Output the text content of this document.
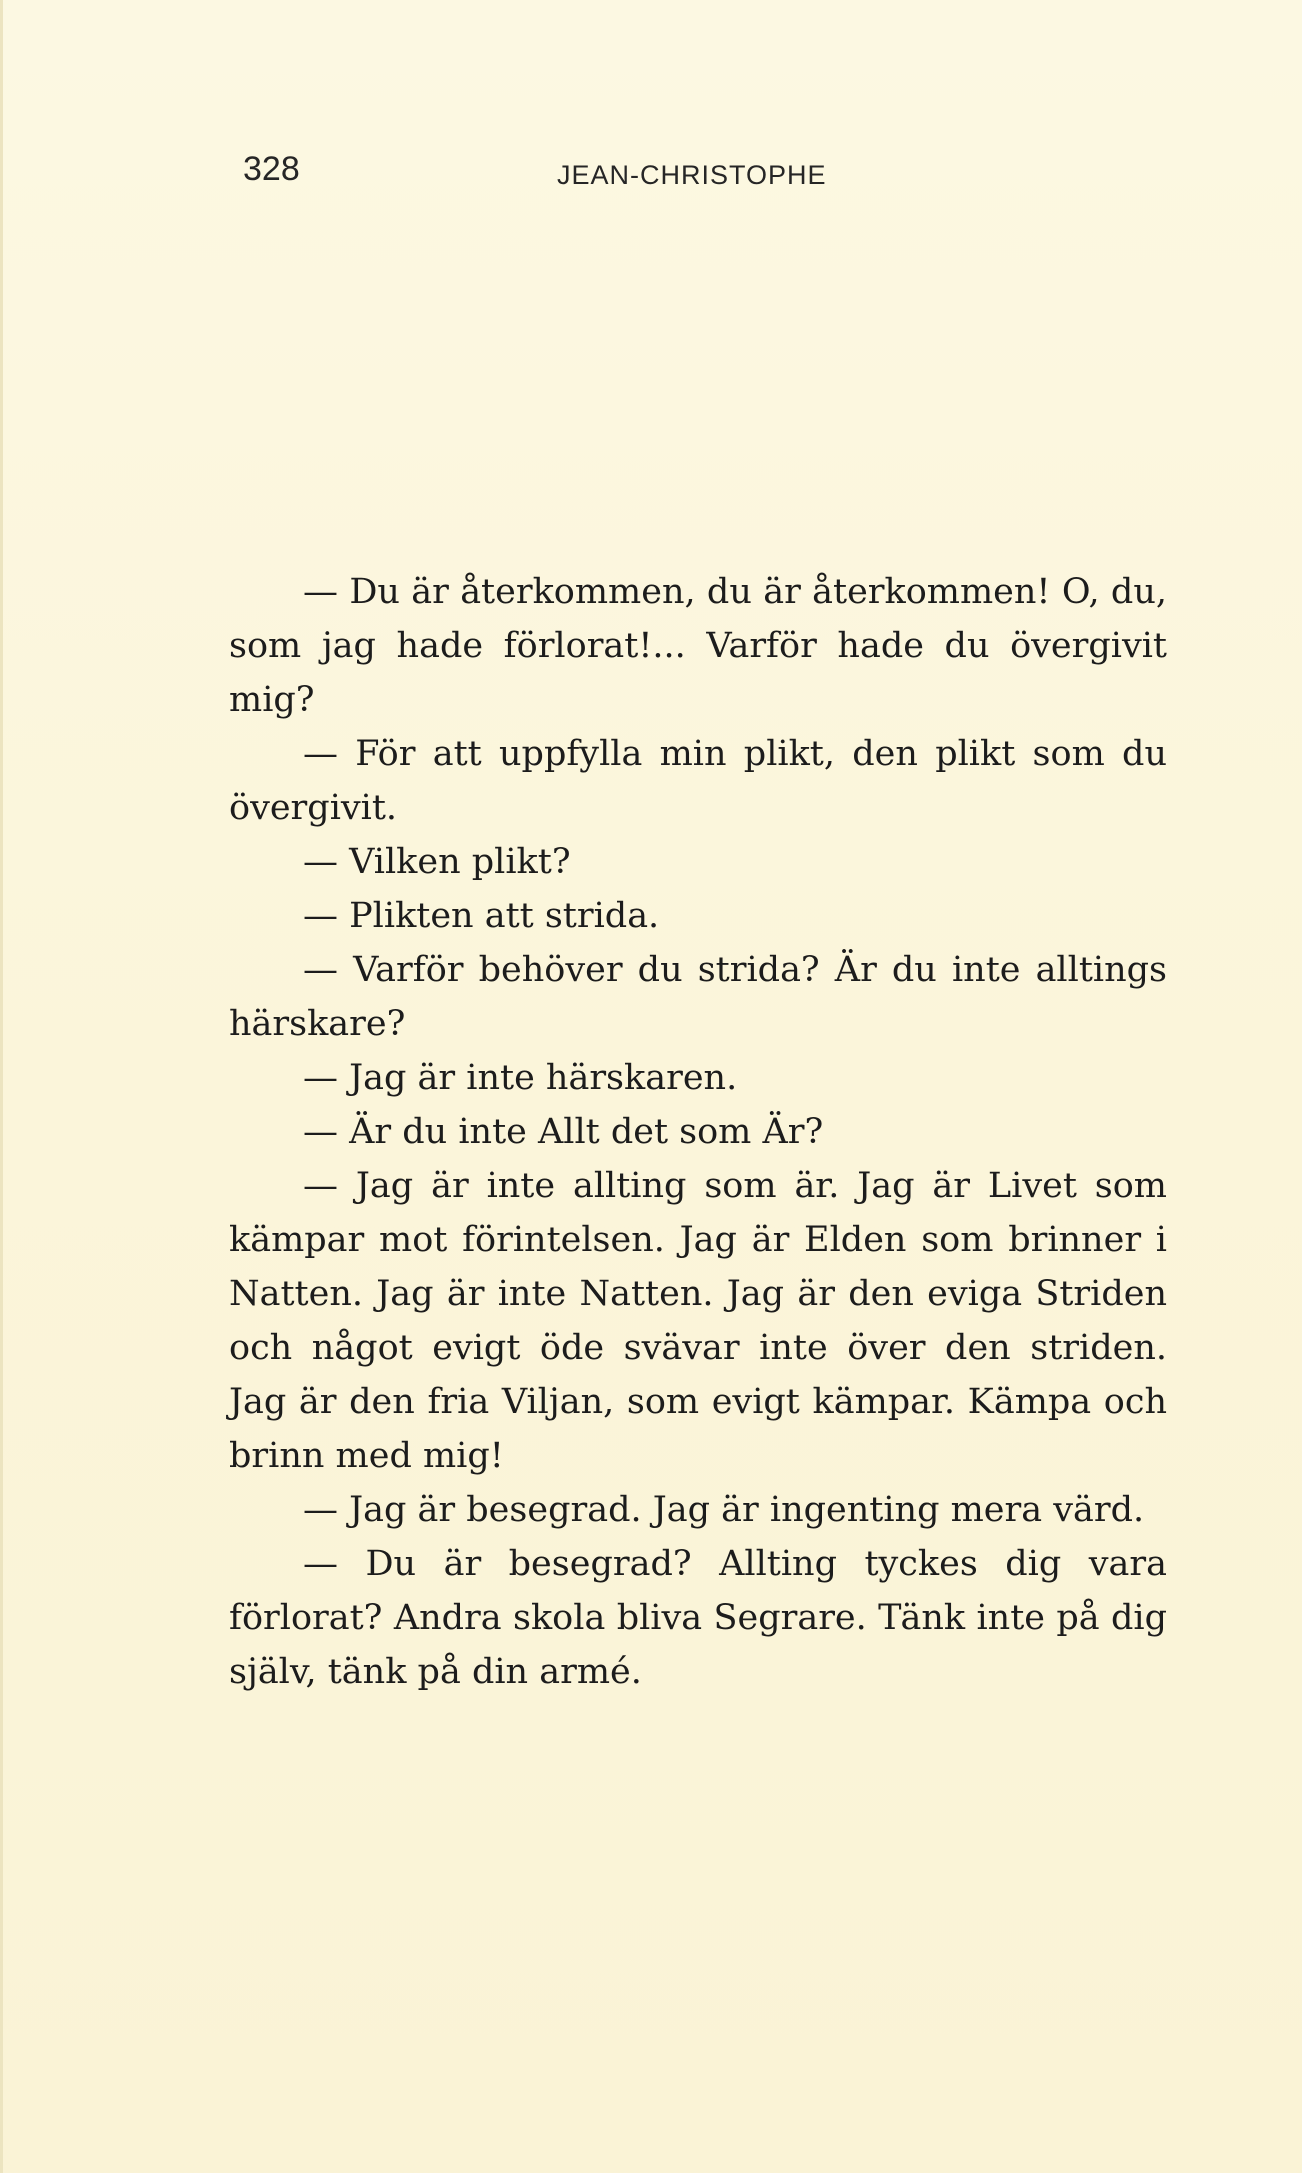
328	JEAN-CHRISTOPHE

— Du är återkommen, du är återkommen! O, du, som jag hade förlorat!... Varför hade du övergivit mig?

— För att uppfylla min plikt, den plikt som du övergivit.

— Vilken plikt?

— Plikten att strida.

— Varför behöver du strida? Är du inte alltings härskare?

— Jag är inte härskaren.

— Är du inte Allt det som Är?

— Jag är inte allting som är. Jag är Livet som kämpar mot förintelsen. Jag är Elden som brinner i Natten. Jag är inte Natten. Jag är den eviga Striden och något evigt öde svävar inte över den striden. Jag är den fria Viljan, som evigt kämpar. Kämpa och brinn med mig!

— Jag är besegrad. Jag är ingenting mera värd.

— Du är besegrad? Allting tyckes dig vara förlorat? Andra skola bliva Segrare. Tänk inte på dig själv, tänk på din armé.
